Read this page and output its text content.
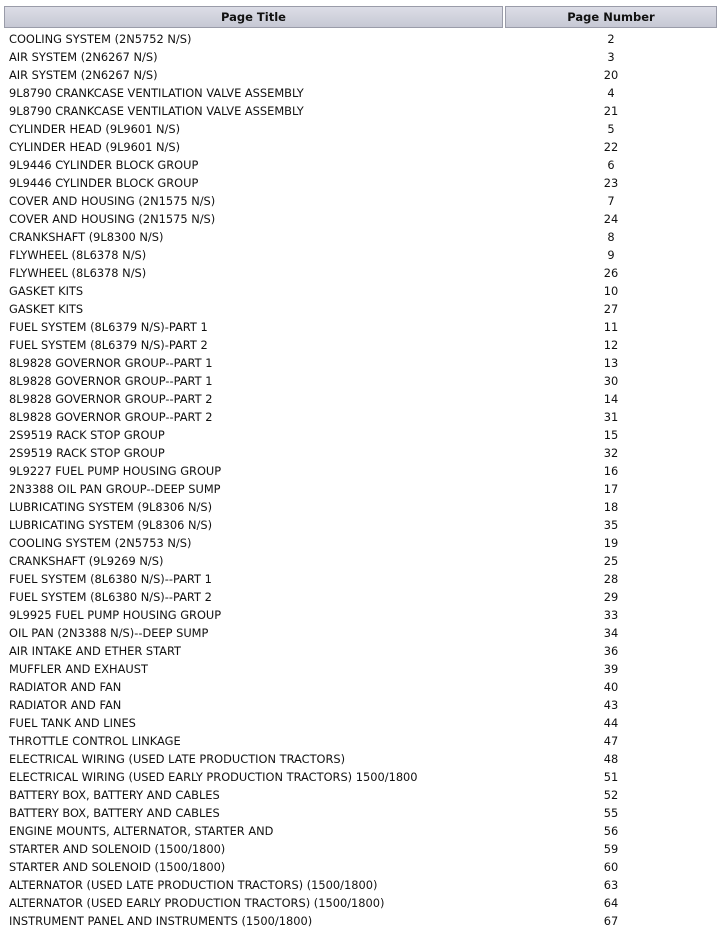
Page Title	Page Number
COOLING SYSTEM (2N5752 N/S)	2
AIR SYSTEM (2N6267 N/S)	3
AIR SYSTEM (2N6267 N/S)	20
9L8790 CRANKCASE VENTILATION VALVE ASSEMBLY	4
9L8790 CRANKCASE VENTILATION VALVE ASSEMBLY	21
CYLINDER HEAD (9L9601 N/S)	5
CYLINDER HEAD (9L9601 N/S)	22
9L9446 CYLINDER BLOCK GROUP	6
9L9446 CYLINDER BLOCK GROUP	23
COVER AND HOUSING (2N1575 N/S)	7
COVER AND HOUSING (2N1575 N/S)	24
CRANKSHAFT (9L8300 N/S)	8
FLYWHEEL (8L6378 N/S)	9
FLYWHEEL (8L6378 N/S)	26
GASKET KITS	10
GASKET KITS	27
FUEL SYSTEM (8L6379 N/S)-PART 1	11
FUEL SYSTEM (8L6379 N/S)-PART 2	12
8L9828 GOVERNOR GROUP--PART 1	13
8L9828 GOVERNOR GROUP--PART 1	30
8L9828 GOVERNOR GROUP--PART 2	14
8L9828 GOVERNOR GROUP--PART 2	31
2S9519 RACK STOP GROUP	15
2S9519 RACK STOP GROUP	32
9L9227 FUEL PUMP HOUSING GROUP	16
2N3388 OIL PAN GROUP--DEEP SUMP	17
LUBRICATING SYSTEM (9L8306 N/S)	18
LUBRICATING SYSTEM (9L8306 N/S)	35
COOLING SYSTEM (2N5753 N/S)	19
CRANKSHAFT (9L9269 N/S)	25
FUEL SYSTEM (8L6380 N/S)--PART 1	28
FUEL SYSTEM (8L6380 N/S)--PART 2	29
9L9925 FUEL PUMP HOUSING GROUP	33
OIL PAN (2N3388 N/S)--DEEP SUMP	34
AIR INTAKE AND ETHER START	36
MUFFLER AND EXHAUST	39
RADIATOR AND FAN	40
RADIATOR AND FAN	43
FUEL TANK AND LINES	44
THROTTLE CONTROL LINKAGE	47
ELECTRICAL WIRING (USED LATE PRODUCTION TRACTORS)	48
ELECTRICAL WIRING (USED EARLY PRODUCTION TRACTORS) 1500/1800	51
BATTERY BOX, BATTERY AND CABLES	52
BATTERY BOX, BATTERY AND CABLES	55
ENGINE MOUNTS, ALTERNATOR, STARTER AND	56
STARTER AND SOLENOID (1500/1800)	59
STARTER AND SOLENOID (1500/1800)	60
ALTERNATOR (USED LATE PRODUCTION TRACTORS) (1500/1800)	63
ALTERNATOR (USED EARLY PRODUCTION TRACTORS) (1500/1800)	64
INSTRUMENT PANEL AND INSTRUMENTS (1500/1800)	67
